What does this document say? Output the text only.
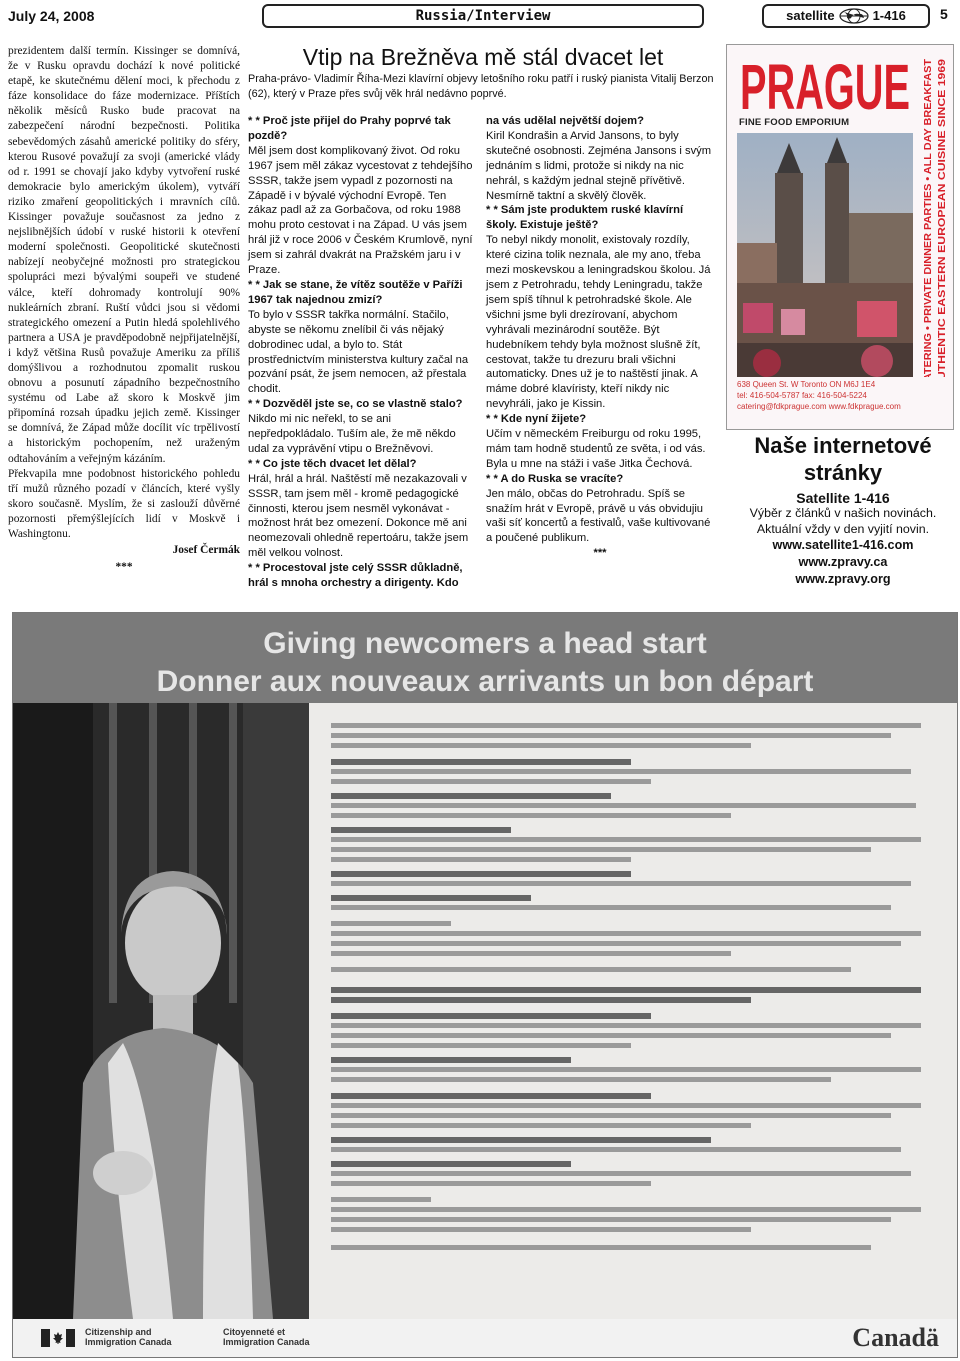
July 24, 2008	Russia/Interview	satellite	1-416 5

prezidentem další termín. Kissinger se domnívá, že v Rusku opravdu dochází k nové politické etapě, ke skutečnému dělení moci, k přechodu z fáze konsolidace do fáze modernizace. Příštích několik měsíců Rusko bude pracovat na zabezpečení národní bezpečnosti. Politika sebevědomých zásahů americké politiky do sféry, kterou Rusové považují za svoji (americké vlády od r. 1991 se chovají jako kdyby vytvoření ruské demokracie bylo americkým úkolem), vytváří riziko zmaření geopolitických i mravních cílů. Kissinger považuje současnost za jedno z nejslibnějších údobí v ruské historii k otevření moderní společnosti. Geopolitické skutečnosti nabízejí neobyčejné možnosti pro strategickou spolupráci mezi bývalými soupeři ve studené válce, kteří dohromady kontrolují 90% nukleárních zbraní. Ruští vůdci jsou si vědomi strategického omezení a Putin hledá spolehlivého partnera a USA je pravděpodobně nejpřijatelnější, i když většina Rusů považuje Ameriku za příliš domýšlivou a rozhodnutou zpomalit ruskou obnovu a posunutí západního bezpečnostního systému od Labe až skoro k Moskvě jim připomíná rozsah úpadku jejich země. Kissinger se domnívá, že Západ může docílit víc trpělivostí a historickým pochopením, než uraženým odtahováním a veřejným kázáním.

Překvapila mne podobnost historického pohledu tří mužů různého pozadí v článcích, které vyšly skoro současně. Myslím, že si zaslouží důvěrné pozornosti přemýšlejících lidí v Moskvě i Washingtonu.

Josef Čermák
***
Vtip na Brežněva mě stál dvacet let
Praha-právo- Vladimír Říha-Mezi klavírní objevy letošního roku patří i ruský pianista Vitalij Berzon (62), který v Praze přes svůj věk hrál nedávno poprvé.

* * Proč jste přijel do Prahy poprvé tak pozdě?

Měl jsem dost komplikovaný život. Od roku 1967 jsem měl zákaz vycestovat z tehdejšího SSSR, takže jsem vypadl z pozornosti na Západě i v bývalé východní Evropě. Ten zákaz padl až za Gorbačova, od roku 1988 mohu proto cestovat i na Západ. U vás jsem hrál již v roce 2006 v Českém Krumlově, nyní jsem si zahrál dvakrát na Pražském jaru i v Praze.

* * Jak se stane, že vítěz soutěže v Paříži 1967 tak najednou zmizí?

To bylo v SSSR takřka normální. Stačilo, abyste se někomu znelíbil či vás nějaký dobrodinec udal, a bylo to. Stát prostřednictvím ministerstva kultury začal na pozvání psát, že jsem nemocen, až přestala chodit.

* * Dozvěděl jste se, co se vlastně stalo?

Nikdo mi nic neřekl, to se ani nepředpokládalo. Tuším ale, že mě někdo udal za vyprávění vtipu o Brežněvovi.

* * Co jste těch dvacet let dělal?

Hrál, hrál a hrál. Naštěstí mě nezakazovali v SSSR, tam jsem měl - kromě pedagogické činnosti, kterou jsem nesměl vykonávat - možnost hrát bez omezení. Dokonce mě ani neomezovali ohledně repertoáru, takže jsem měl velkou volnost.

* * Procestoval jste celý SSSR důkladně, hrál s mnoha orchestry a dirigenty. Kdo

na vás udělal největší dojem?

Kiril Kondrašin a Arvid Jansons, to byly skutečné osobnosti. Zejména Jansons i svým jednáním s lidmi, protože si nikdy na nic nehrál, s každým jednal stejně přívětivě. Nesmírně taktní a skvělý člověk.

* * Sám jste produktem ruské klavírní školy. Existuje ještě?

To nebyl nikdy monolit, existovaly rozdíly, které cizina tolik neznala, ale my ano, třeba mezi moskevskou a leningradskou školou. Já jsem z Petrohradu, tehdy Leningradu, takže jsem spíš tíhnul k petrohradské škole. Ale všichni jsme byli drezírovaní, abychom vyhrávali mezinárodní soutěže. Být hudebníkem tehdy byla možnost slušně žít, cestovat, takže tu drezuru brali všichni automaticky. Dnes už je to naštěstí jinak. A máme dobré klavíristy, kteří nikdy nic nevyhráli, jako je Kissin.

* * Kde nyní žijete?

Učím v německém Freiburgu od roku 1995, mám tam hodně studentů ze světa, i od vás. Byla u mne na stáži i vaše Jitka Čechová.

* * A do Ruska se vracíte?

Jen málo, občas do Petrohradu. Spíš se snažím hrát v Evropě, právě u vás obvidujiu vaši síť koncertů a festivalů, vaše kultivované a poučené publikum.

***

PRAGUE
FINE FOOD EMPORIUM	CATERING • PRIVATE DINNER PARTIES • ALL DAY BREAKFAST AUTHENTIC EASTERN EUROPEAN CUISINE SINCE 1969
638 Queen St. W Toronto ON M6J 1E4
tel: 416-504-5787 fax: 416-504-5224
catering@fdkprague.com www.fdkprague.com
Naše internetové stránky
Satellite 1-416
Výběr z článků v našich novinách.
Aktuální vždy v den vyjití novin.
www.satellite1-416.com
www.zpravy.ca
www.zpravy.org
Giving newcomers a head start
Donner aux nouveaux arrivants un bon départ
Citizenship and
Immigration Canada
Citoyenneté et
Immigration Canada	Canadä
